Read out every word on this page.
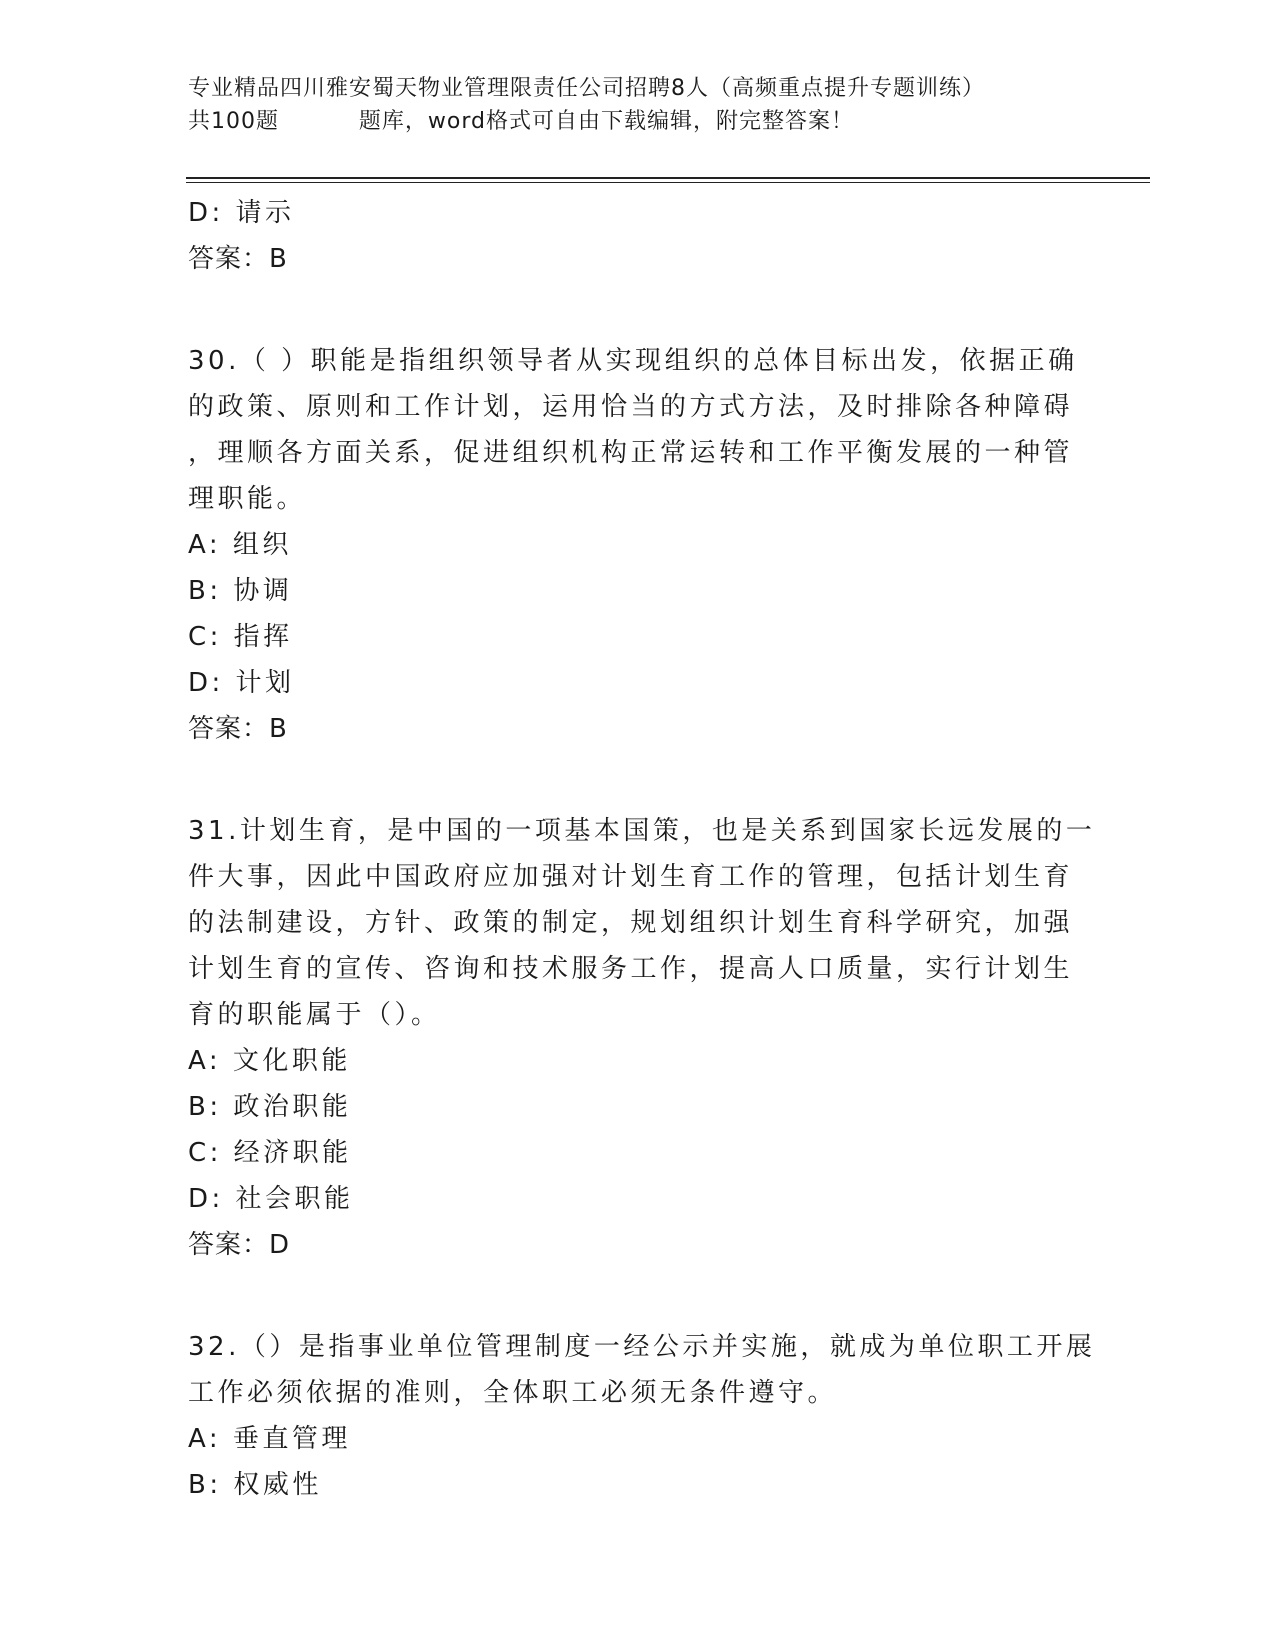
专业精品四川雅安蜀天物业管理限责任公司招聘8人（高频重点提升专题训练）
共100题          题库，word格式可自由下载编辑，附完整答案！
D: 请示
答案：B
30.（ ）职能是指组织领导者从实现组织的总体目标出发，依据正确
的政策、原则和工作计划，运用恰当的方式方法，及时排除各种障碍
，理顺各方面关系，促进组织机构正常运转和工作平衡发展的一种管
理职能。
A: 组织
B: 协调
C: 指挥
D: 计划
答案：B
31.计划生育，是中国的一项基本国策，也是关系到国家长远发展的一
件大事，因此中国政府应加强对计划生育工作的管理，包括计划生育
的法制建设，方针、政策的制定，规划组织计划生育科学研究，加强
计划生育的宣传、咨询和技术服务工作，提高人口质量，实行计划生
育的职能属于（）。
A: 文化职能
B: 政治职能
C: 经济职能
D: 社会职能
答案：D
32.（）是指事业单位管理制度一经公示并实施，就成为单位职工开展
工作必须依据的准则，全体职工必须无条件遵守。
A: 垂直管理
B: 权威性
